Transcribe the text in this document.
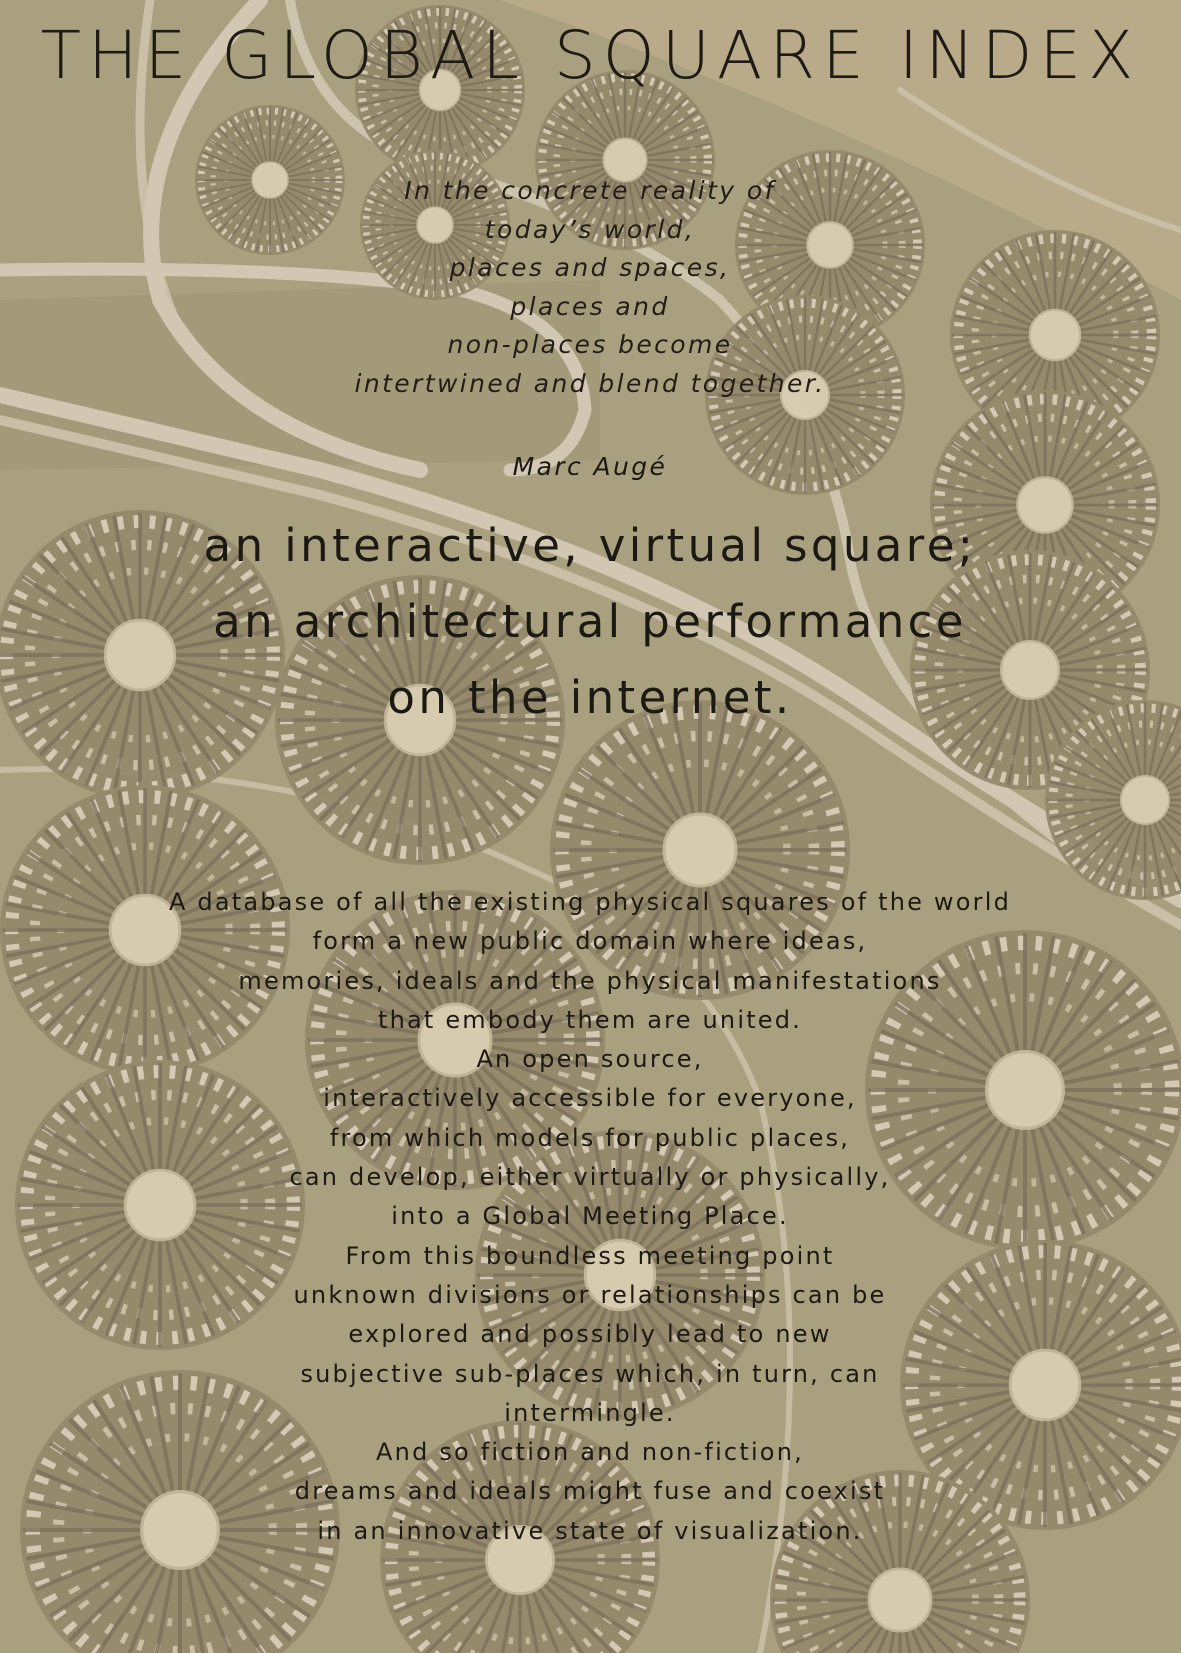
THE GLOBAL SQUARE INDEX
In the concrete reality of
today’s world,
places and spaces,
places and
non-places become
intertwined and blend together.
Marc Augé
an interactive, virtual square;
an architectural performance
on the internet.
A database of all the existing physical squares of the world
form a new public domain where ideas,
memories, ideals and the physical manifestations
that embody them are united.
An open source,
interactively accessible for everyone,
from which models for public places,
can develop, either virtually or physically,
into a Global Meeting Place.
From this boundless meeting point
unknown divisions or relationships can be
explored and possibly lead to new
subjective sub-places which, in turn, can
intermingle.
And so fiction and non-fiction,
dreams and ideals might fuse and coexist
in an innovative state of visualization.
